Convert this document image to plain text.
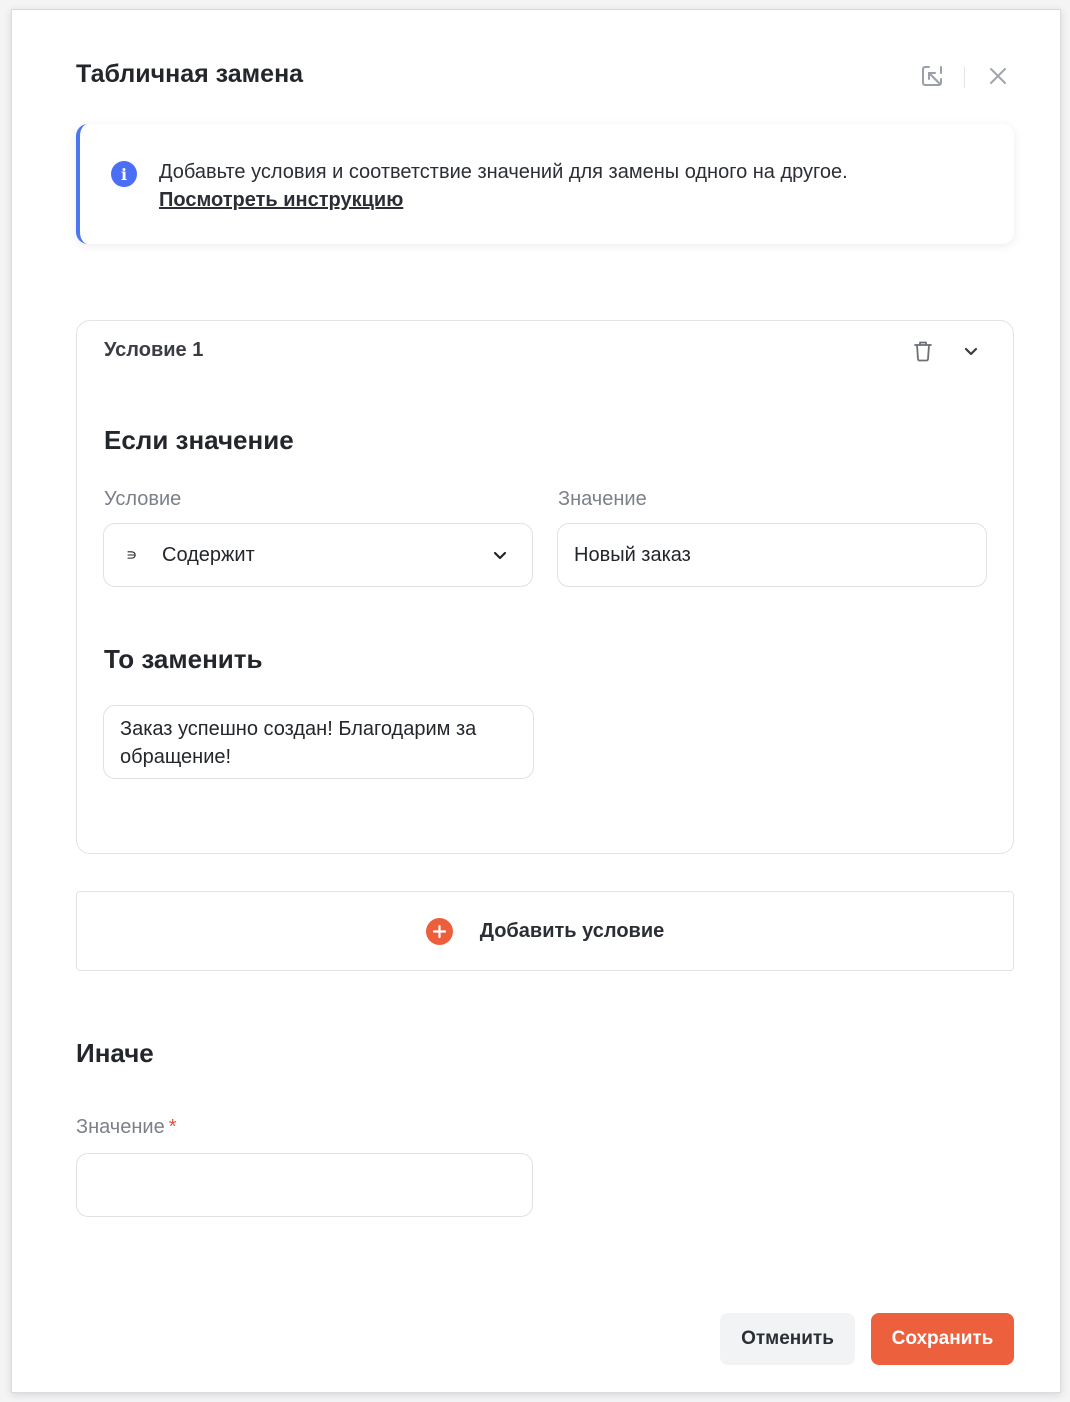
Табличная замена
i	Добавьте условия и соответствие значений для замены одного на другое.
Посмотреть инструкцию
Условие 1
Если значение
Условие	Значение
∍	Содержит	Новый заказ
То заменить
Заказ успешно создан! Благодарим за обращение!
Добавить условие
Иначе
Значение *
Отменить	Сохранить
